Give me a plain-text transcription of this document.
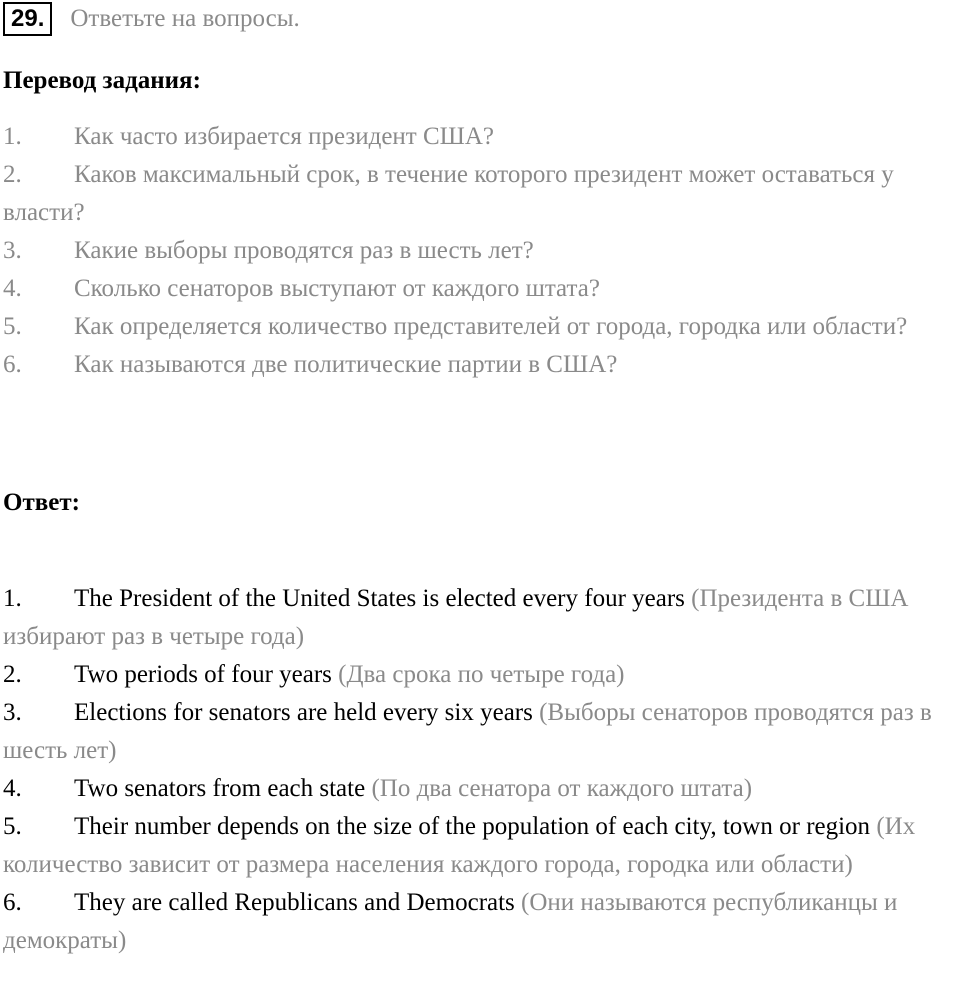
29.	Ответьте на вопросы.
Перевод задания:
1. Как часто избирается президент США?
2. Каков максимальный срок, в течение которого президент может оставаться у власти?
3. Какие выборы проводятся раз в шесть лет?
4. Сколько сенаторов выступают от каждого штата?
5. Как определяется количество представителей от города, городка или области?
6. Как называются две политические партии в США?
Ответ:
1. The President of the United States is elected every four years (Президента в США избирают раз в четыре года)
2. Two periods of four years (Два срока по четыре года)
3. Elections for senators are held every six years (Выборы сенаторов проводятся раз в шесть лет)
4. Two senators from each state (По два сенатора от каждого штата)
5. Their number depends on the size of the population of each city, town or region (Их количество зависит от размера населения каждого города, городка или области)
6. They are called Republicans and Democrats (Они называются республиканцы и демократы)
